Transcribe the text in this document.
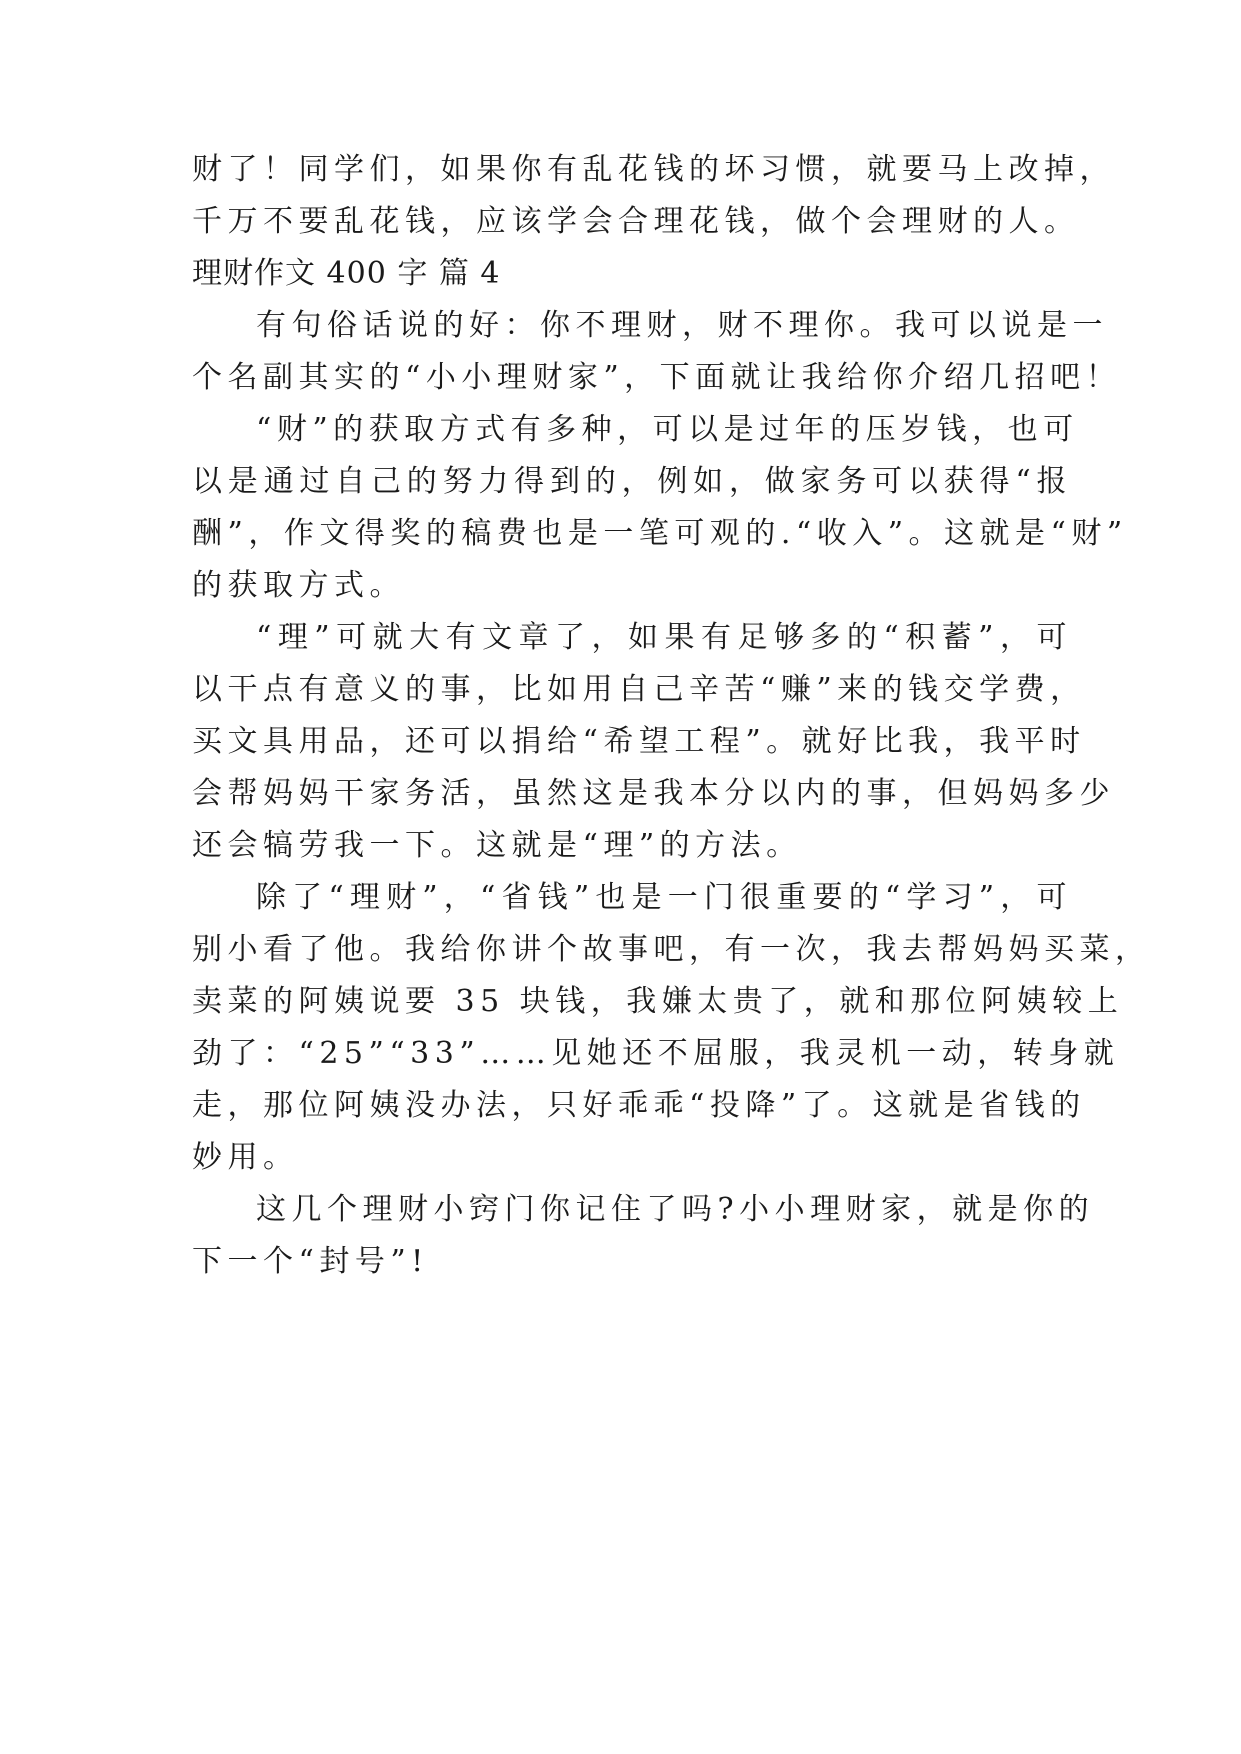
财了！同学们，如果你有乱花钱的坏习惯，就要马上改掉，
千万不要乱花钱，应该学会合理花钱，做个会理财的人。
理财作文 400 字 篇 4
有句俗话说的好：你不理财，财不理你。我可以说是一
个名副其实的“小小理财家”，下面就让我给你介绍几招吧！
“财”的获取方式有多种，可以是过年的压岁钱，也可
以是通过自己的努力得到的，例如，做家务可以获得“报
酬”，作文得奖的稿费也是一笔可观的.“收入”。这就是“财”
的获取方式。
“理”可就大有文章了，如果有足够多的“积蓄”，可
以干点有意义的事，比如用自己辛苦“赚”来的钱交学费，
买文具用品，还可以捐给“希望工程”。就好比我，我平时
会帮妈妈干家务活，虽然这是我本分以内的事，但妈妈多少
还会犒劳我一下。这就是“理”的方法。
除了“理财”，“省钱”也是一门很重要的“学习”，可
别小看了他。我给你讲个故事吧，有一次，我去帮妈妈买菜，
卖菜的阿姨说要 35 块钱，我嫌太贵了，就和那位阿姨较上
劲了：“25”“33”……见她还不屈服，我灵机一动，转身就
走，那位阿姨没办法，只好乖乖“投降”了。这就是省钱的
妙用。
这几个理财小窍门你记住了吗?小小理财家，就是你的
下一个“封号”!
